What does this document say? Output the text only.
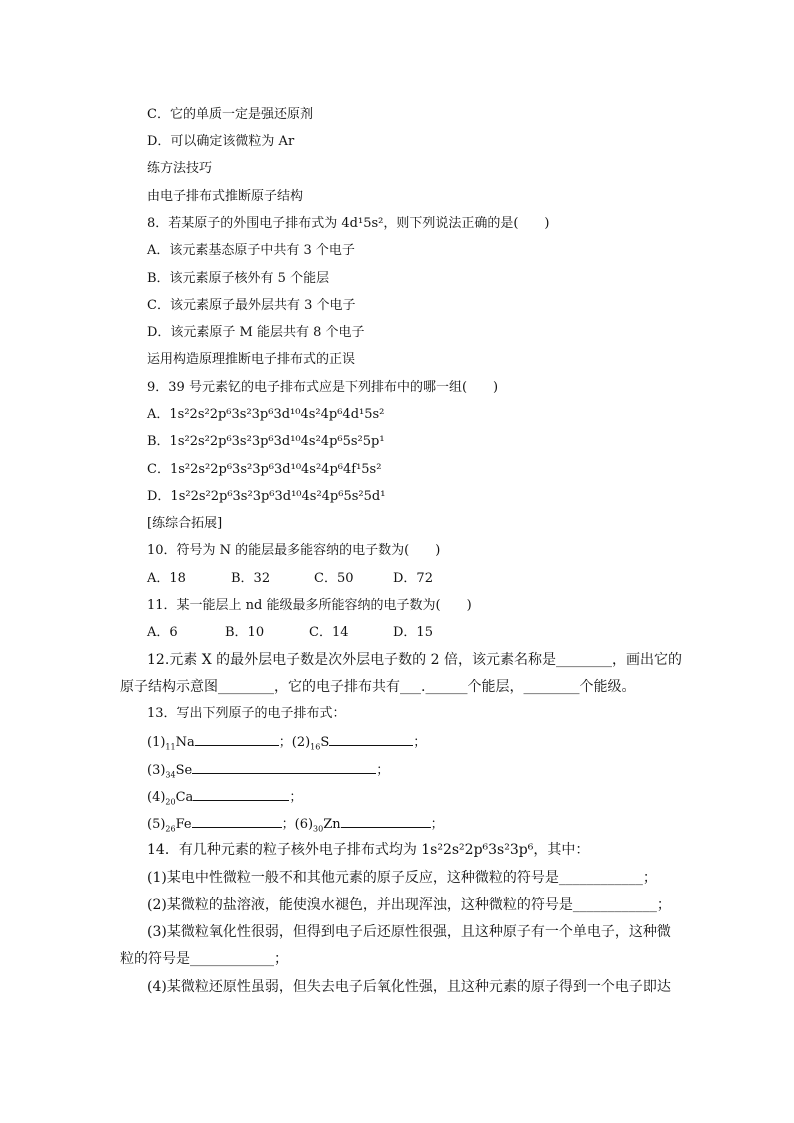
C．它的单质一定是强还原剂
D．可以确定该微粒为 Ar
练方法技巧
由电子排布式推断原子结构
8．若某原子的外围电子排布式为 4d¹5s²，则下列说法正确的是(　　)
A．该元素基态原子中共有 3 个电子
B．该元素原子核外有 5 个能层
C．该元素原子最外层共有 3 个电子
D．该元素原子 M 能层共有 8 个电子
运用构造原理推断电子排布式的正误
9．39 号元素钇的电子排布式应是下列排布中的哪一组(　　)
A．1s²2s²2p⁶3s²3p⁶3d¹⁰4s²4p⁶4d¹5s²
B．1s²2s²2p⁶3s²3p⁶3d¹⁰4s²4p⁶5s²5p¹
C．1s²2s²2p⁶3s²3p⁶3d¹⁰4s²4p⁶4f¹5s²
D．1s²2s²2p⁶3s²3p⁶3d¹⁰4s²4p⁶5s²5d¹
[练综合拓展]
10．符号为 N 的能层最多能容纳的电子数为(　　)
A．18	B．32	C．50	D．72
11．某一能层上 nd 能级最多所能容纳的电子数为(　　)
A．6	B．10	C．14	D．15
12.元素 X 的最外层电子数是次外层电子数的 2 倍，该元素名称是________，画出它的
原子结构示意图________，它的电子排布共有___.______个能层，________个能级。
13．写出下列原子的电子排布式：
$(1)_{11}Na$	；$(2)_{16}S$	；
$(3)_{34}Se$	；
$(4)_{20}Ca$	；
$(5)_{26}Fe$	；$(6)_{30}Zn$	；
14．有几种元素的粒子核外电子排布式均为 1s²2s²2p⁶3s²3p⁶，其中：
(1)某电中性微粒一般不和其他元素的原子反应，这种微粒的符号是____________；
(2)某微粒的盐溶液，能使溴水褪色，并出现浑浊，这种微粒的符号是____________；
(3)某微粒氧化性很弱，但得到电子后还原性很强，且这种原子有一个单电子，这种微
粒的符号是____________；
(4)某微粒还原性虽弱，但失去电子后氧化性强，且这种元素的原子得到一个电子即达
